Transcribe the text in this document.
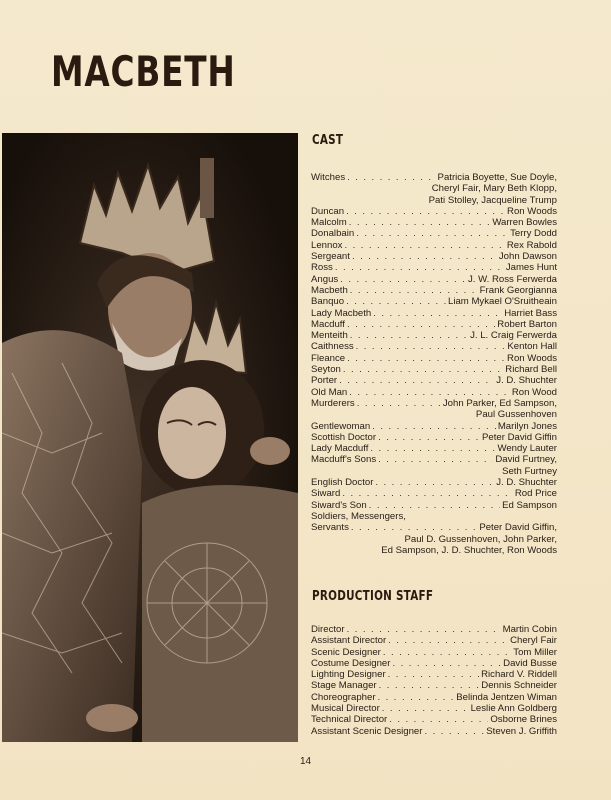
MACBETH
CAST
Witches . . .	Patricia Boyette, Sue Doyle,
Cheryl Fair, Mary Beth Klopp,
Pati Stolley, Jacqueline Trump
Duncan . . .	Ron Woods
Malcolm . . .	Warren Bowles
Donalbain . . .	Terry Dodd
Lennox . . .	Rex Rabold
Sergeant . . .	John Dawson
Ross . . .	James Hunt
Angus . . .	J. W. Ross Ferwerda
Macbeth . . .	Frank Georgianna
Banquo . . .	Liam Mykael O'Sruitheain
Lady Macbeth . . .	Harriet Bass
Macduff . . .	Robert Barton
Menteith . . .	J. L. Craig Ferwerda
Caithness . . .	Kenton Hall
Fleance . . .	Ron Woods
Seyton . . .	Richard Bell
Porter . . .	J. D. Shuchter
Old Man . . .	Ron Wood
Murderers . . .	John Parker, Ed Sampson,
Paul Gussenhoven
Gentlewoman . . .	Marilyn Jones
Scottish Doctor . . .	Peter David Giffin
Lady Macduff . . .	Wendy Lauter
Macduff's Sons . . .	David Furtney,
Seth Furtney
English Doctor . . .	J. D. Shuchter
Siward . . .	Rod Price
Siward's Son . . .	Ed Sampson
Soldiers, Messengers,
Servants . . .	Peter David Giffin,
Paul D. Gussenhoven, John Parker,
Ed Sampson, J. D. Shuchter, Ron Woods
PRODUCTION STAFF
Director . . .	Martin Cobin
Assistant Director . . .	Cheryl Fair
Scenic Designer . . .	Tom Miller
Costume Designer . . .	David Busse
Lighting Designer . . .	Richard V. Riddell
Stage Manager . . .	Dennis Schneider
Choreographer . . .	Belinda Jentzen Wiman
Musical Director . . .	Leslie Ann Goldberg
Technical Director . . .	Osborne Brines
Assistant Scenic Designer . . .	Steven J. Griffith
14
